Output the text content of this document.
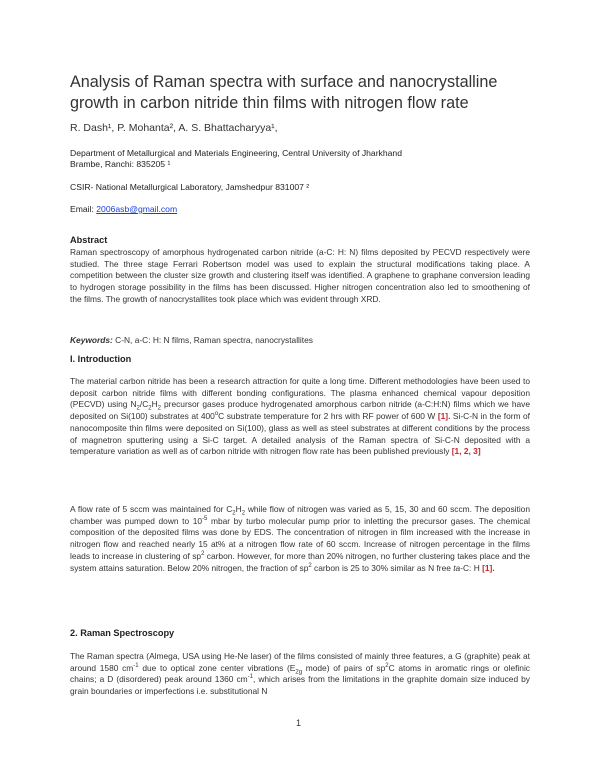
Analysis of Raman spectra with surface and nanocrystalline growth in carbon nitride thin films with nitrogen flow rate
R. Dash¹, P. Mohanta², A. S. Bhattacharyya¹,
Department of Metallurgical and Materials Engineering, Central University of Jharkhand
Brambe, Ranchi: 835205 ¹
CSIR- National Metallurgical Laboratory, Jamshedpur 831007 ²
Email: 2006asb@gmail.com
Abstract
Raman spectroscopy of amorphous hydrogenated carbon nitride (a-C: H: N) films deposited by PECVD respectively were studied. The three stage Ferrari Robertson model was used to explain the structural modifications taking place. A competition between the cluster size growth and clustering itself was identified. A graphene to graphane conversion leading to hydrogen storage possibility in the films has been discussed. Higher nitrogen concentration also led to smoothening of the films. The growth of nanocrystallites took place which was evident through XRD.
Keywords: C-N, a-C: H: N films, Raman spectra, nanocrystallites
I. Introduction
The material carbon nitride has been a research attraction for quite a long time. Different methodologies have been used to deposit carbon nitride films with different bonding configurations. The plasma enhanced chemical vapour deposition (PECVD) using $N_2/C_2H_2$ precursor gases produce hydrogenated amorphous carbon nitride (a-C:H:N) films which we have deposited on Si(100) substrates at 400$^o$C substrate temperature for 2 hrs with RF power of 600 W [1]. Si-C-N in the form of nanocomposite thin films were deposited on Si(100), glass as well as steel substrates at different conditions by the process of magnetron sputtering using a Si-C target. A detailed analysis of the Raman spectra of Si-C-N deposited with a temperature variation as well as of carbon nitride with nitrogen flow rate has been published previously [1, 2, 3]
A flow rate of 5 sccm was maintained for $C_2H_2$ while flow of nitrogen was varied as 5, 15, 30 and 60 sccm. The deposition chamber was pumped down to $10^{-5}$ mbar by turbo molecular pump prior to inletting the precursor gases. The chemical composition of the deposited films was done by EDS. The concentration of nitrogen in film increased with the increase in nitrogen flow and reached nearly 15 at% at a nitrogen flow rate of 60 sccm. Increase of nitrogen percentage in the films leads to increase in clustering of $sp^2$ carbon. However, for more than 20% nitrogen, no further clustering takes place and the system attains saturation. Below 20% nitrogen, the fraction of $sp^2$ carbon is 25 to 30% similar as N free ta-C: H [1].
2. Raman Spectroscopy
The Raman spectra (Almega, USA using He-Ne laser) of the films consisted of mainly three features, a G (graphite) peak at around 1580 $cm^{-1}$ due to optical zone center vibrations ($E_{2g}$ mode) of pairs of $sp^2C$ atoms in aromatic rings or olefinic chains; a D (disordered) peak around 1360 $cm^{-1}$, which arises from the limitations in the graphite domain size induced by grain boundaries or imperfections i.e. substitutional N
1
